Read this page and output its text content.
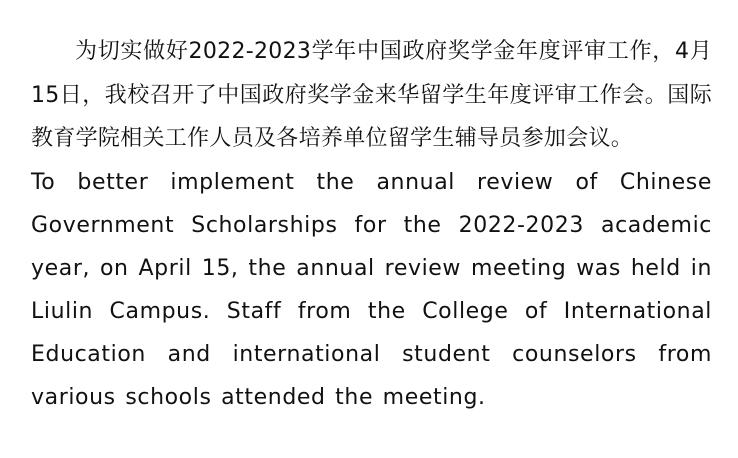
为切实做好2022-2023学年中国政府奖学金年度评审工作，4月15日，我校召开了中国政府奖学金来华留学生年度评审工作会。国际教育学院相关工作人员及各培养单位留学生辅导员参加会议。

To better implement the annual review of Chinese Government Scholarships for the 2022-2023 academic year, on April 15, the annual review meeting was held in Liulin Campus. Staff from the College of International Education and international student counselors from various schools attended the meeting.
